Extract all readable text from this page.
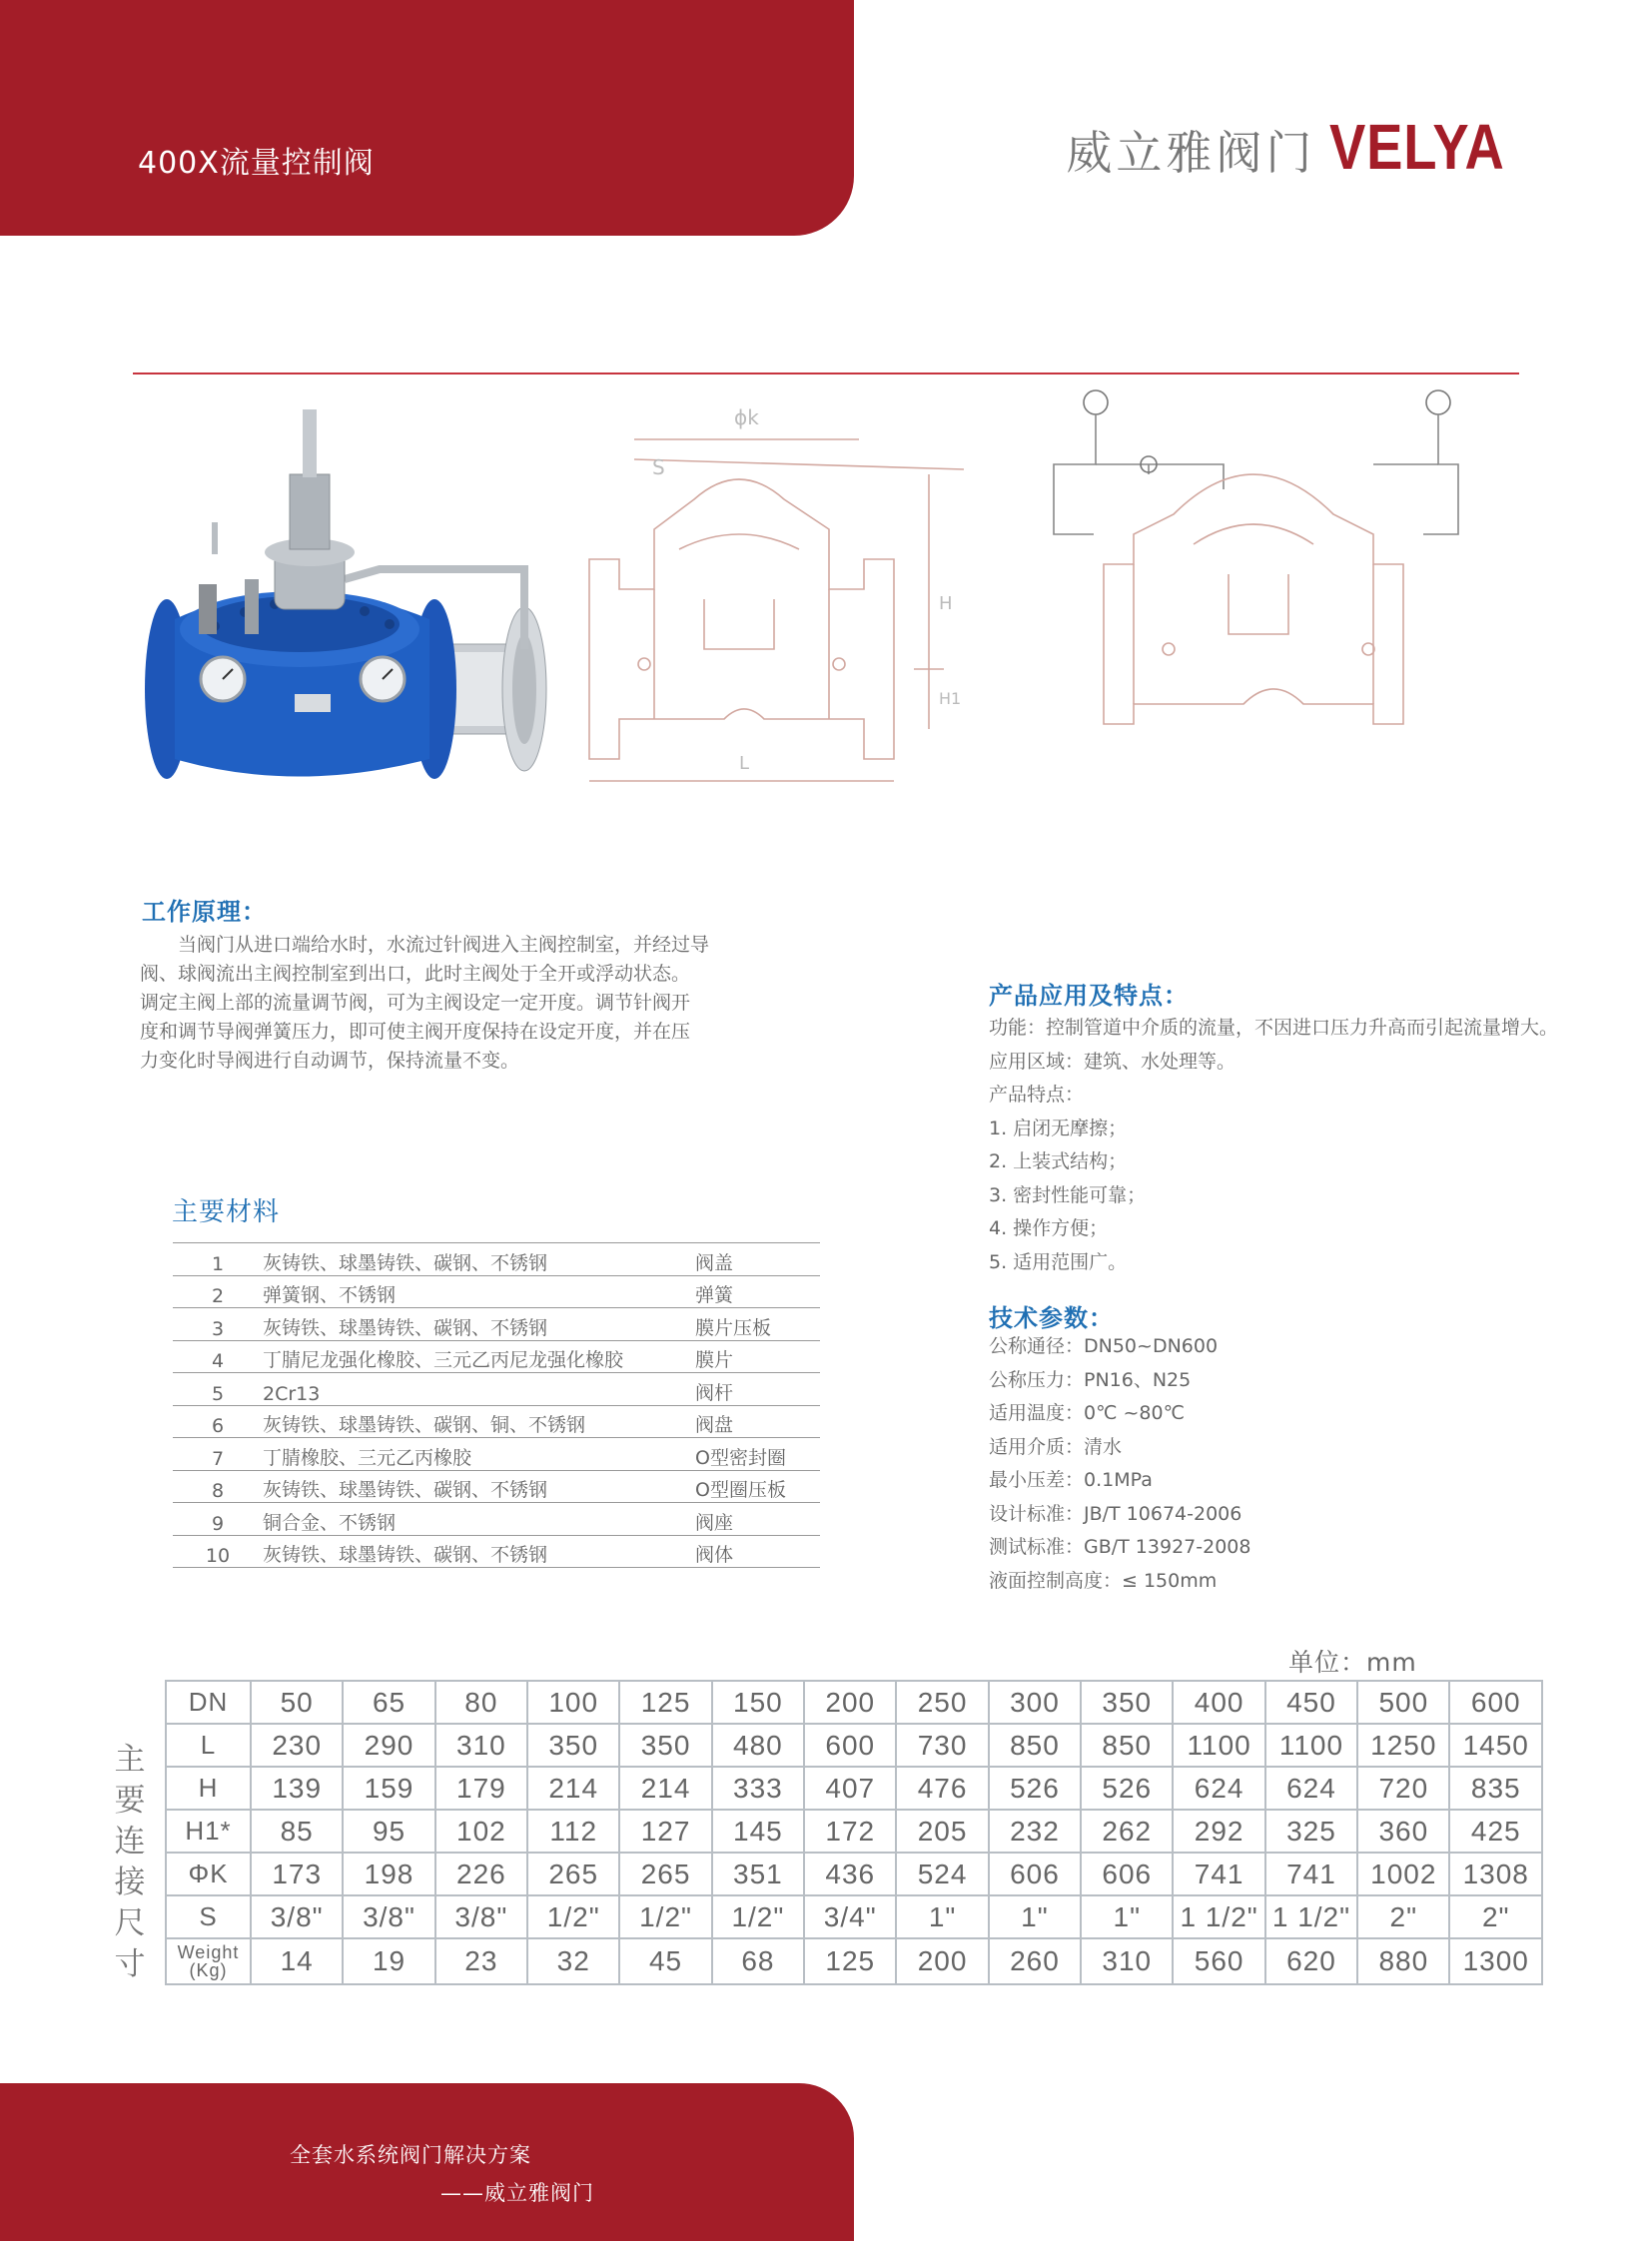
400X流量控制阀	威立雅阀门 VELYA
ϕk
S
H
H1
L
工作原理：

当阀门从进口端给水时，水流过针阀进入主阀控制室，并经过导

阀、球阀流出主阀控制室到出口，此时主阀处于全开或浮动状态。

调定主阀上部的流量调节阀，可为主阀设定一定开度。调节针阀开

度和调节导阀弹簧压力，即可使主阀开度保持在设定开度，并在压

力变化时导阀进行自动调节，保持流量不变。

产品应用及特点：

功能：控制管道中介质的流量，不因进口压力升高而引起流量增大。

应用区域：建筑、水处理等。

产品特点：

1. 启闭无摩擦；

2. 上装式结构；

3. 密封性能可靠；

4. 操作方便；

5. 适用范围广。

技术参数：

公称通径：DN50~DN600

公称压力：PN16、N25

适用温度：0℃ ~80℃

适用介质：清水

最小压差：0.1MPa

设计标准：JB/T 10674-2006

测试标准：GB/T 13927-2008

液面控制高度：≤ 150mm

主要材料
1	灰铸铁、球墨铸铁、碳钢、不锈钢	阀盖
2	弹簧钢、不锈钢	弹簧
3	灰铸铁、球墨铸铁、碳钢、不锈钢	膜片压板
4	丁腈尼龙强化橡胶、三元乙丙尼龙强化橡胶	膜片
5	2Cr13	阀杆
6	灰铸铁、球墨铸铁、碳钢、铜、不锈钢	阀盘
7	丁腈橡胶、三元乙丙橡胶	O型密封圈
8	灰铸铁、球墨铸铁、碳钢、不锈钢	O型圈压板
9	铜合金、不锈钢	阀座
10	灰铸铁、球墨铸铁、碳钢、不锈钢	阀体
单位：mm
主
要
连
接
尺
寸
DN	50	65	80	100	125	150	200	250	300	350	400	450	500	600
L	230	290	310	350	350	480	600	730	850	850	1100	1100	1250	1450
H	139	159	179	214	214	333	407	476	526	526	624	624	720	835
H1*	85	95	102	112	127	145	172	205	232	262	292	325	360	425
ΦK	173	198	226	265	265	351	436	524	606	606	741	741	1002	1308
S	3/8"	3/8"	3/8"	1/2"	1/2"	1/2"	3/4"	1"	1"	1"	1 1/2"	1 1/2"	2"	2"
Weight
(Kg)	14	19	23	32	45	68	125	200	260	310	560	620	880	1300
全套水系统阀门解决方案
——威立雅阀门
